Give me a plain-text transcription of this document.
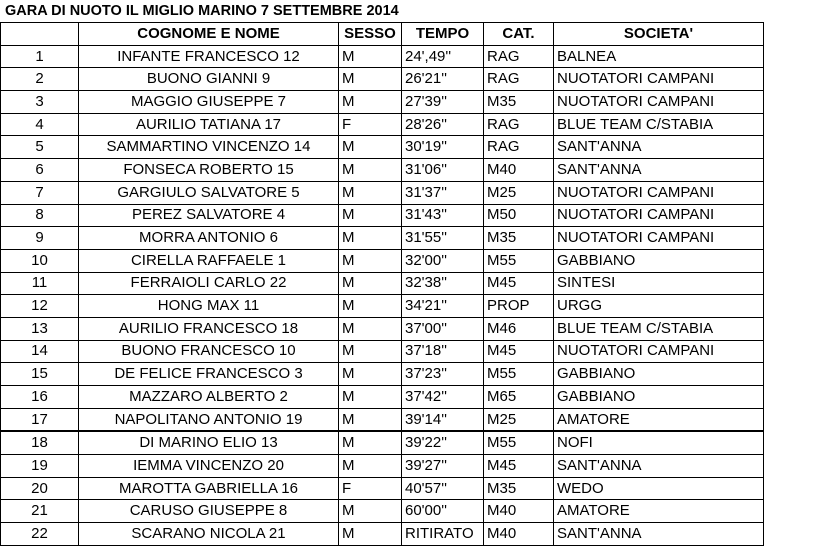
GARA DI NUOTO IL MIGLIO MARINO 7 SETTEMBRE 2014
	COGNOME E NOME	SESSO	TEMPO	CAT.	SOCIETA'
1	INFANTE FRANCESCO 12	M	24',49''	RAG	BALNEA
2	BUONO GIANNI 9	M	26'21''	RAG	NUOTATORI CAMPANI
3	MAGGIO GIUSEPPE 7	M	27'39''	M35	NUOTATORI CAMPANI
4	AURILIO TATIANA 17	F	28'26''	RAG	BLUE TEAM C/STABIA
5	SAMMARTINO VINCENZO 14	M	30'19''	RAG	SANT'ANNA
6	FONSECA ROBERTO 15	M	31'06''	M40	SANT'ANNA
7	GARGIULO SALVATORE 5	M	31'37''	M25	NUOTATORI CAMPANI
8	PEREZ SALVATORE 4	M	31'43''	M50	NUOTATORI CAMPANI
9	MORRA ANTONIO 6	M	31'55''	M35	NUOTATORI CAMPANI
10	CIRELLA RAFFAELE 1	M	32'00''	M55	GABBIANO
11	FERRAIOLI CARLO 22	M	32'38''	M45	SINTESI
12	HONG MAX 11	M	34'21''	PROP	URGG
13	AURILIO FRANCESCO 18	M	37'00''	M46	BLUE TEAM C/STABIA
14	BUONO FRANCESCO 10	M	37'18''	M45	NUOTATORI CAMPANI
15	DE FELICE FRANCESCO 3	M	37'23''	M55	GABBIANO
16	MAZZARO ALBERTO 2	M	37'42''	M65	GABBIANO
17	NAPOLITANO ANTONIO 19	M	39'14''	M25	AMATORE
18	DI MARINO ELIO 13	M	39'22''	M55	NOFI
19	IEMMA VINCENZO 20	M	39'27''	M45	SANT'ANNA
20	MAROTTA GABRIELLA 16	F	40'57''	M35	WEDO
21	CARUSO GIUSEPPE 8	M	60'00''	M40	AMATORE
22	SCARANO NICOLA 21	M	RITIRATO	M40	SANT'ANNA
